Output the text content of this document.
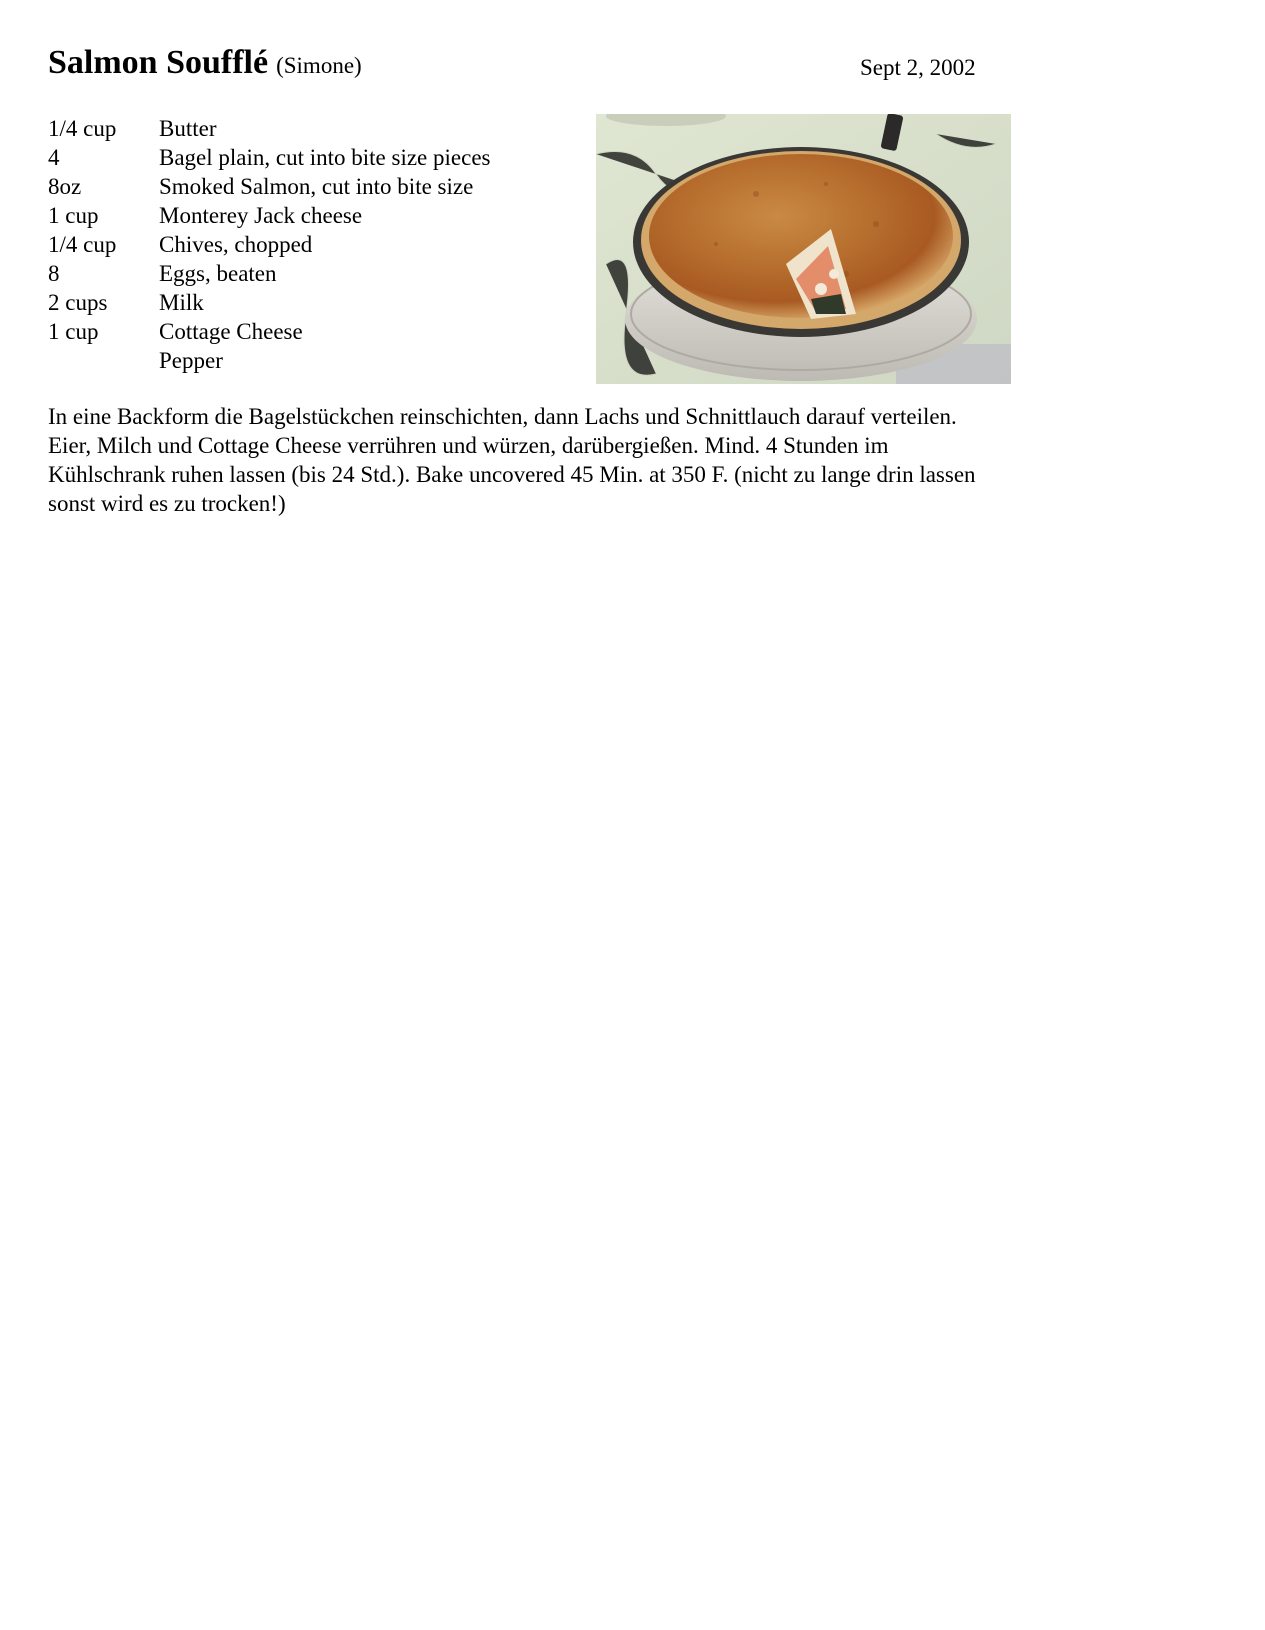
Salmon Soufflé (Simone)	Sept 2, 2002
1/4 cup	Butter
4	Bagel plain, cut into bite size pieces
8oz	Smoked Salmon, cut into bite size
1 cup	Monterey Jack cheese
1/4 cup	Chives, chopped
8	Eggs, beaten
2 cups	Milk
1 cup	Cottage Cheese
Pepper
In eine Backform die Bagelstückchen reinschichten, dann Lachs und Schnittlauch darauf verteilen.
Eier, Milch und Cottage Cheese verrühren und würzen, darübergießen. Mind. 4 Stunden im
Kühlschrank ruhen lassen (bis 24 Std.). Bake uncovered 45 Min. at 350 F. (nicht zu lange drin lassen
sonst wird es zu trocken!)
